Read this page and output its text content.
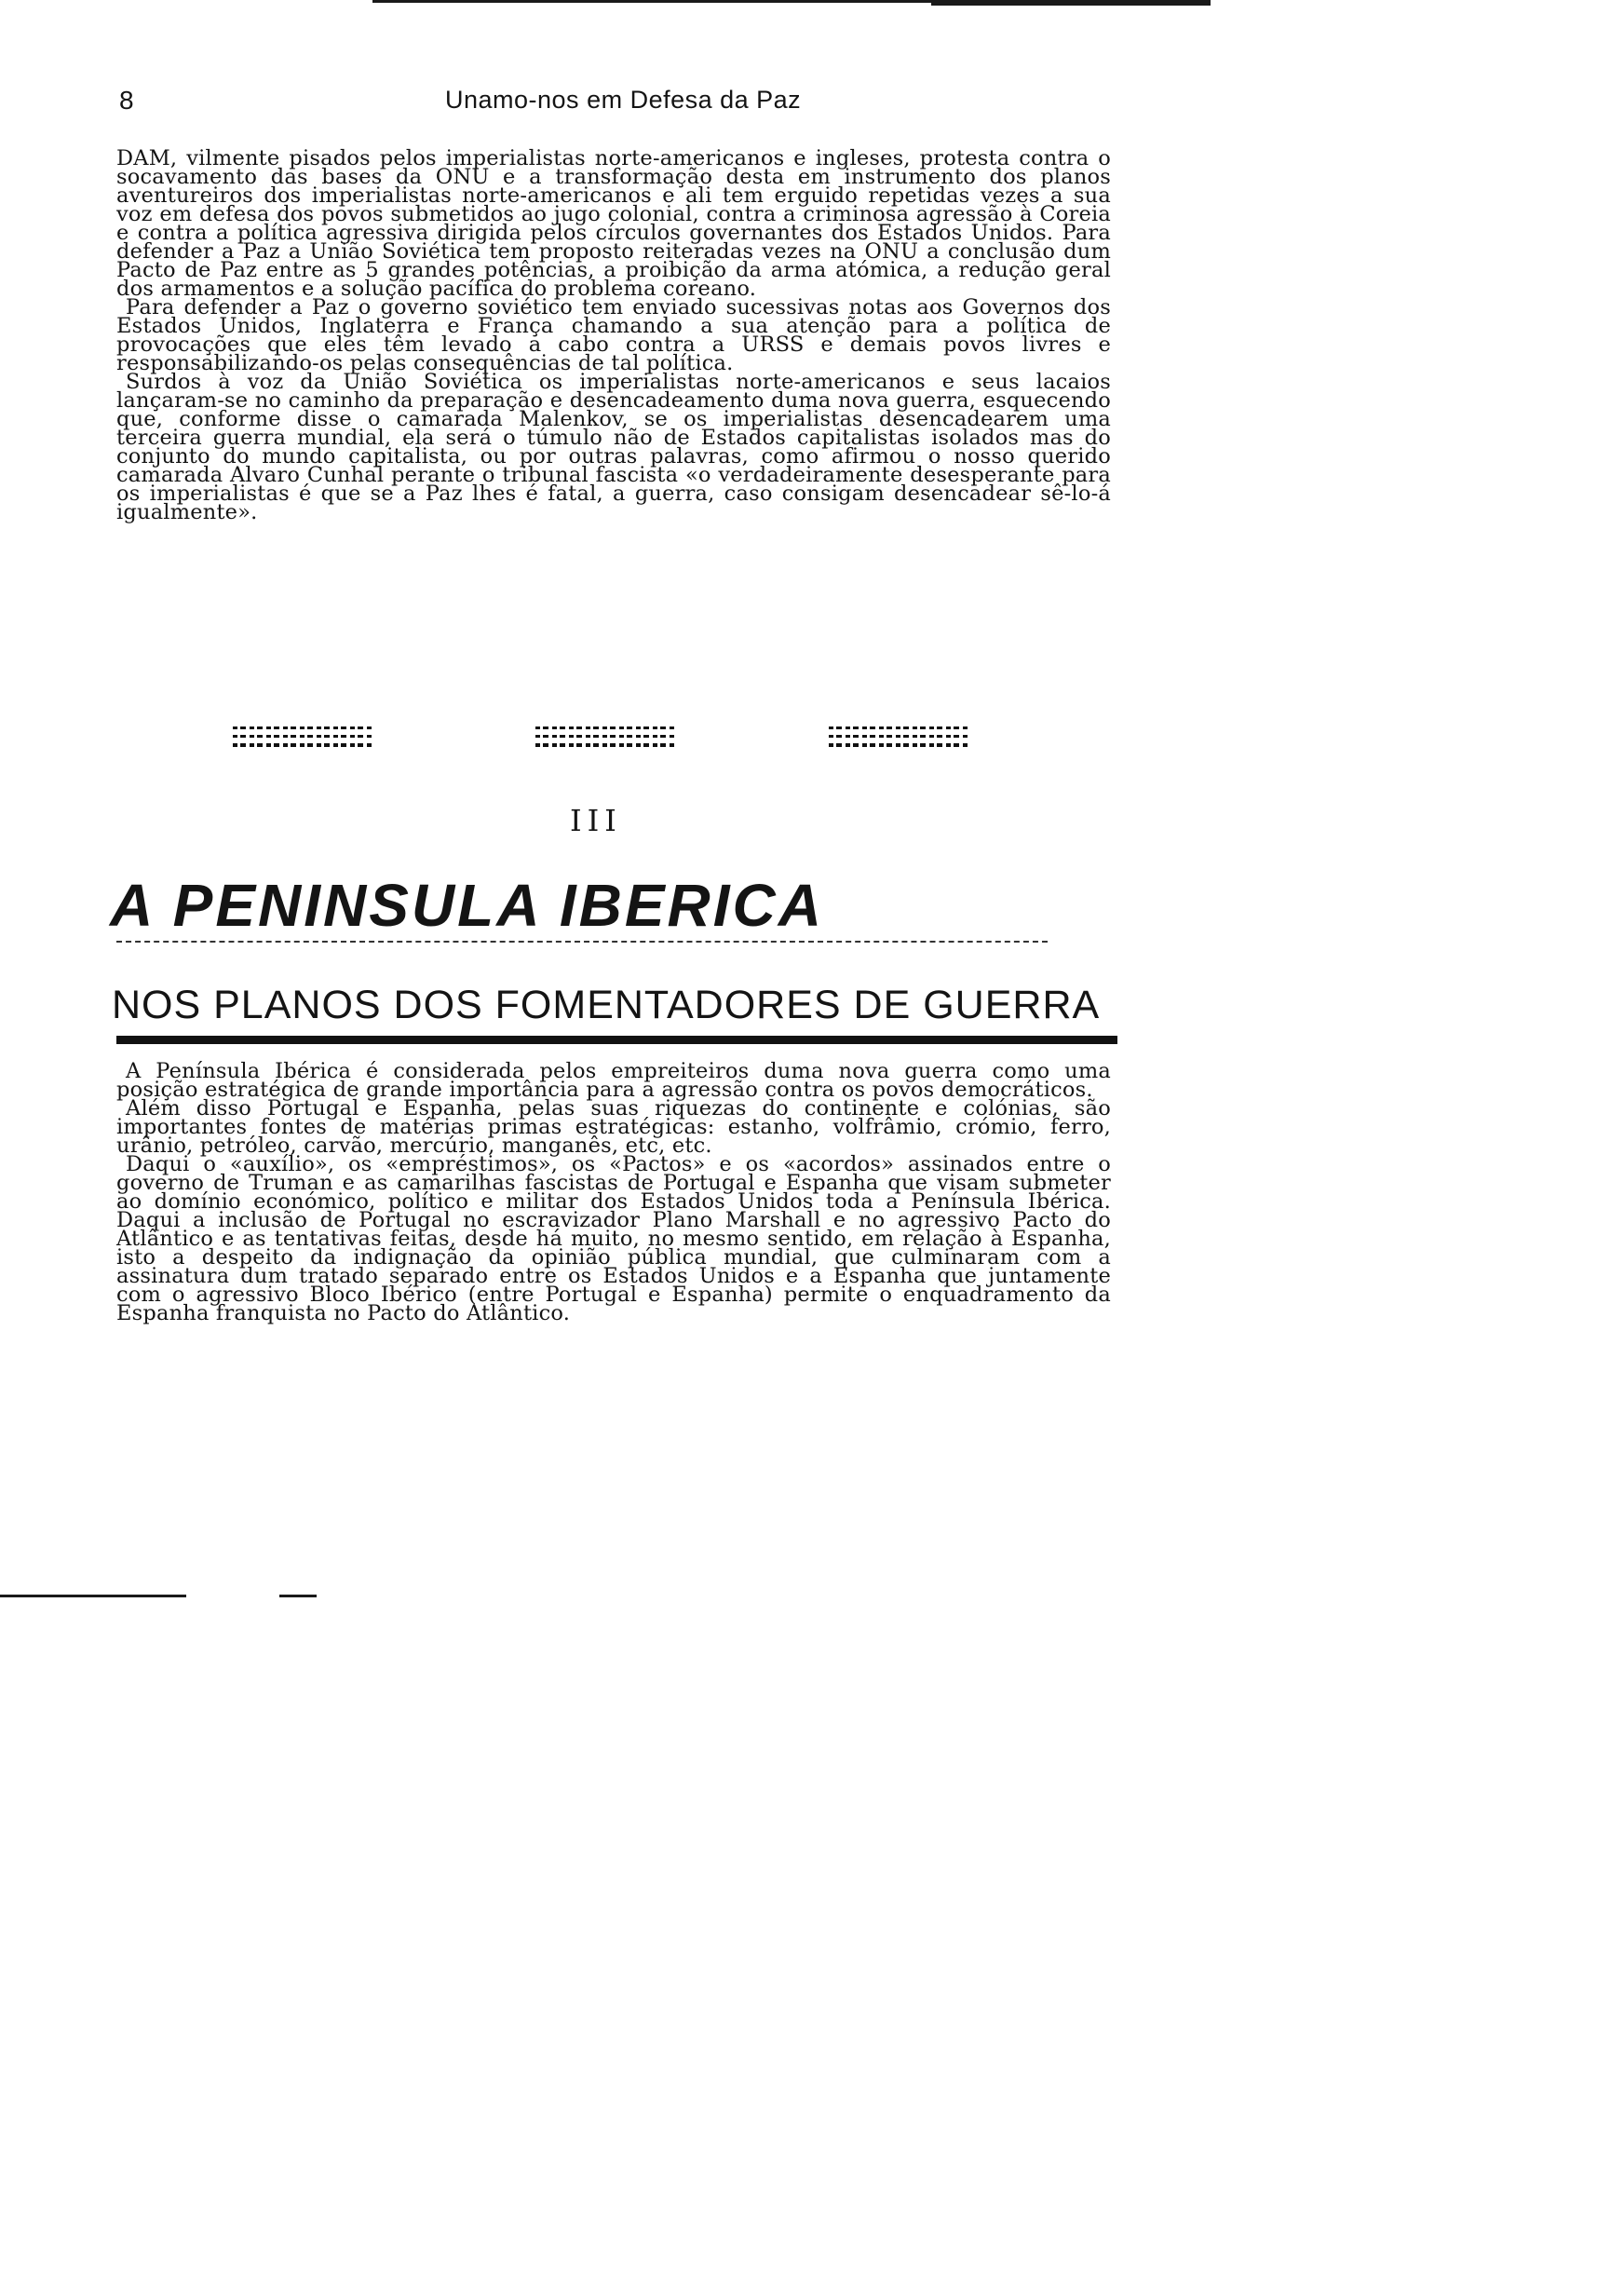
8	Unamo-nos em Defesa da Paz

DAM, vilmente pisados pelos imperialistas norte-americanos e ingleses, protesta contra o socavamento das bases da ONU e a transformação desta em instrumento dos planos aventureiros dos imperialistas norte-americanos e ali tem erguido repetidas vezes a sua voz em defesa dos povos submetidos ao jugo colonial, contra a criminosa agressão à Coreia e contra a política agressiva dirigida pelos círculos governantes dos Estados Unidos. Para defender a Paz a União Soviética tem proposto reiteradas vezes na ONU a conclusão dum Pacto de Paz entre as 5 grandes potências, a proibição da arma atómica, a redução geral dos armamentos e a solução pacífica do problema coreano.

Para defender a Paz o governo soviético tem enviado sucessivas notas aos Governos dos Estados Unidos, Inglaterra e França chamando a sua atenção para a política de provocações que eles têm levado a cabo contra a URSS e demais povos livres e responsabilizando-os pelas consequências de tal política.

Surdos à voz da União Soviética os imperialistas norte-americanos e seus lacaios lançaram-se no caminho da preparação e desencadeamento duma nova guerra, esquecendo que, conforme disse o camarada Malenkov, se os imperialistas desencadearem uma terceira guerra mundial, ela será o túmulo não de Estados capitalistas isolados mas do conjunto do mundo capitalista, ou por outras palavras, como afirmou o nosso querido camarada Alvaro Cunhal perante o tribunal fascista «o verdadeiramente desesperante para os imperialistas é que se a Paz lhes é fatal, a guerra, caso consigam desencadear sê-lo-á igualmente».

III
A PENINSULA IBERICA
NOS PLANOS DOS FOMENTADORES DE GUERRA

A Península Ibérica é considerada pelos empreiteiros duma nova guerra como uma posição estratégica de grande importância para a agressão contra os povos democráticos.

Além disso Portugal e Espanha, pelas suas riquezas do continente e colónias, são importantes fontes de matérias primas estratégicas: estanho, volfrâmio, crómio, ferro, urânio, petróleo, carvão, mercúrio, manganês, etc, etc.

Daqui o «auxílio», os «empréstimos», os «Pactos» e os «acordos» assinados entre o governo de Truman e as camarilhas fascistas de Portugal e Espanha que visam submeter ao domínio económico, político e militar dos Estados Unidos toda a Península Ibérica. Daqui a inclusão de Portugal no escravizador Plano Marshall e no agressivo Pacto do Atlântico e as tentativas feitas, desde há muito, no mesmo sentido, em relação à Espanha, isto a despeito da indignação da opinião pública mundial, que culminaram com a assinatura dum tratado separado entre os Estados Unidos e a Espanha que juntamente com o agressivo Bloco Ibérico (entre Portugal e Espanha) permite o enquadramento da Espanha franquista no Pacto do Atlântico.
